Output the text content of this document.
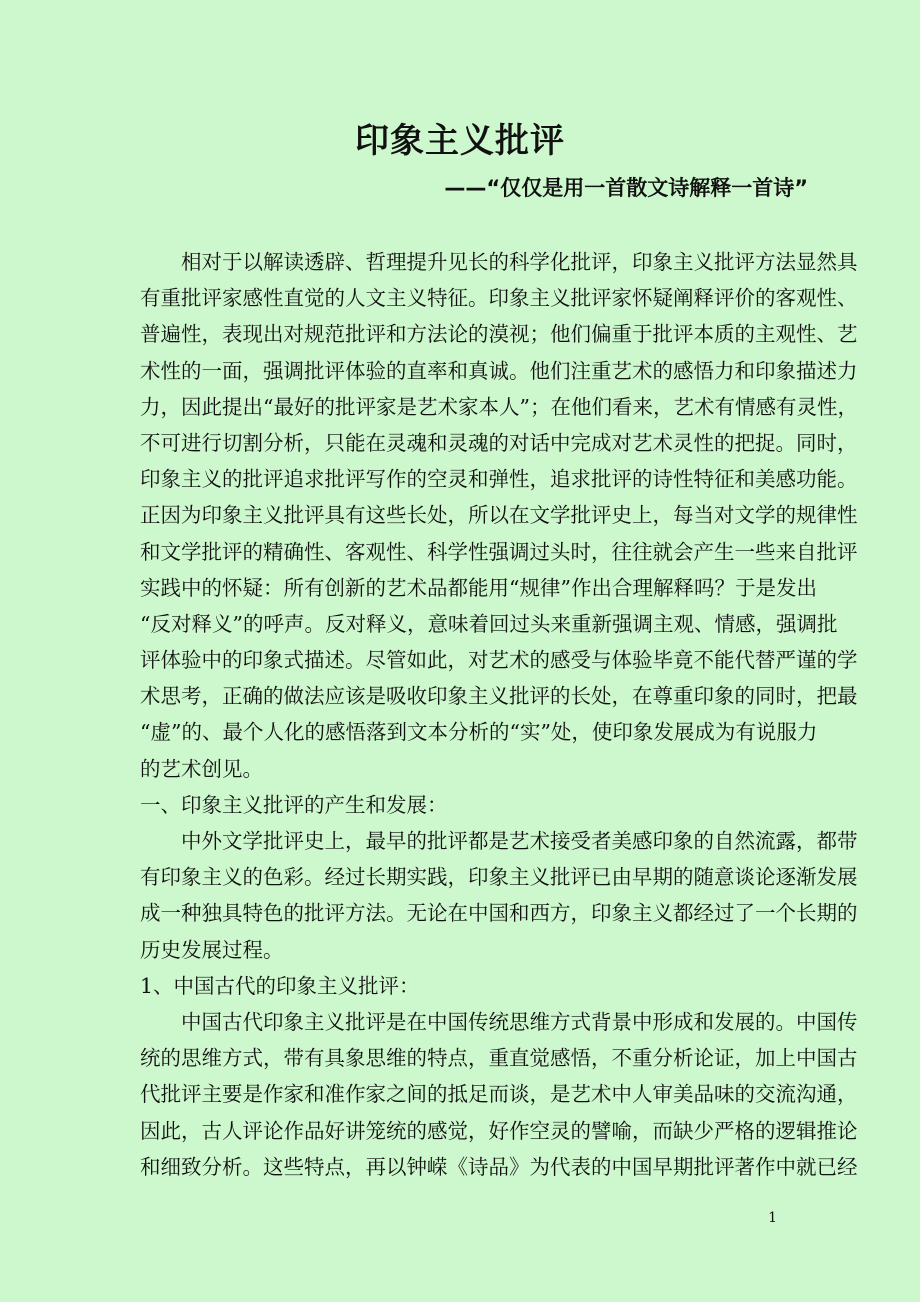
印象主义批评
——“仅仅是用一首散文诗解释一首诗”
相对于以解读透辟、哲理提升见长的科学化批评，印象主义批评方法显然具
有重批评家感性直觉的人文主义特征。印象主义批评家怀疑阐释评价的客观性、
普遍性，表现出对规范批评和方法论的漠视；他们偏重于批评本质的主观性、艺
术性的一面，强调批评体验的直率和真诚。他们注重艺术的感悟力和印象描述力
力，因此提出“最好的批评家是艺术家本人”；在他们看来，艺术有情感有灵性，
不可进行切割分析，只能在灵魂和灵魂的对话中完成对艺术灵性的把捉。同时，
印象主义的批评追求批评写作的空灵和弹性，追求批评的诗性特征和美感功能。
正因为印象主义批评具有这些长处，所以在文学批评史上，每当对文学的规律性
和文学批评的精确性、客观性、科学性强调过头时，往往就会产生一些来自批评
实践中的怀疑：所有创新的艺术品都能用“规律”作出合理解释吗？于是发出
“反对释义”的呼声。反对释义，意味着回过头来重新强调主观、情感，强调批
评体验中的印象式描述。尽管如此，对艺术的感受与体验毕竟不能代替严谨的学
术思考，正确的做法应该是吸收印象主义批评的长处，在尊重印象的同时，把最
“虚”的、最个人化的感悟落到文本分析的“实”处，使印象发展成为有说服力
的艺术创见。
一、印象主义批评的产生和发展：
中外文学批评史上，最早的批评都是艺术接受者美感印象的自然流露，都带
有印象主义的色彩。经过长期实践，印象主义批评已由早期的随意谈论逐渐发展
成一种独具特色的批评方法。无论在中国和西方，印象主义都经过了一个长期的
历史发展过程。
1、中国古代的印象主义批评：
中国古代印象主义批评是在中国传统思维方式背景中形成和发展的。中国传
统的思维方式，带有具象思维的特点，重直觉感悟，不重分析论证，加上中国古
代批评主要是作家和准作家之间的抵足而谈，是艺术中人审美品味的交流沟通，
因此，古人评论作品好讲笼统的感觉，好作空灵的譬喻，而缺少严格的逻辑推论
和细致分析。这些特点，再以钟嵘《诗品》为代表的中国早期批评著作中就已经
1
